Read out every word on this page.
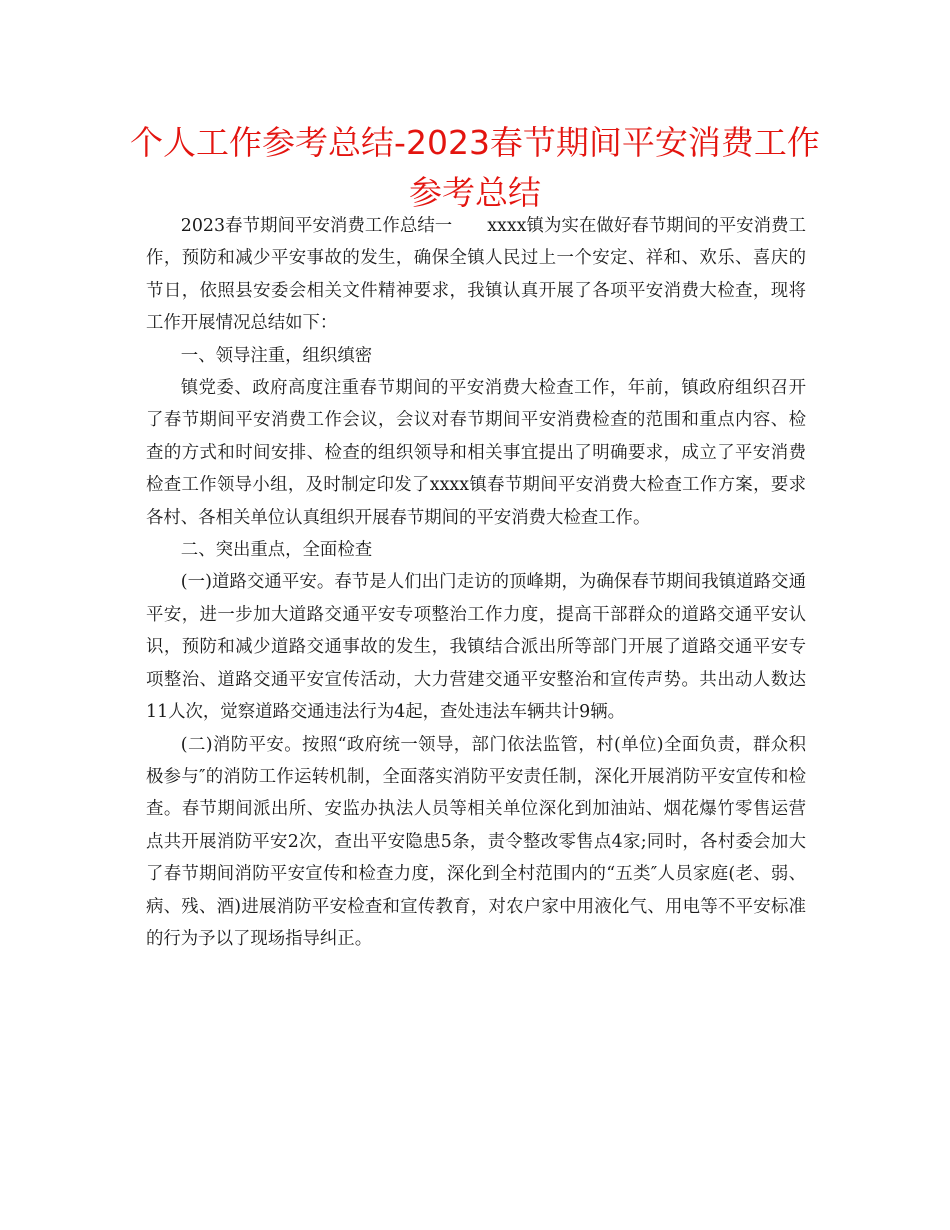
个人工作参考总结-2023春节期间平安消费工作参考总结

2023春节期间平安消费工作总结一　　xxxx镇为实在做好春节期间的平安消费工作，预防和减少平安事故的发生，确保全镇人民过上一个安定、祥和、欢乐、喜庆的节日，依照县安委会相关文件精神要求，我镇认真开展了各项平安消费大检查，现将工作开展情况总结如下：

一、领导注重，组织缜密

镇党委、政府高度注重春节期间的平安消费大检查工作，年前，镇政府组织召开了春节期间平安消费工作会议，会议对春节期间平安消费检查的范围和重点内容、检查的方式和时间安排、检查的组织领导和相关事宜提出了明确要求，成立了平安消费检查工作领导小组，及时制定印发了xxxx镇春节期间平安消费大检查工作方案，要求各村、各相关单位认真组织开展春节期间的平安消费大检查工作。

二、突出重点，全面检查

(一)道路交通平安。春节是人们出门走访的顶峰期，为确保春节期间我镇道路交通平安，进一步加大道路交通平安专项整治工作力度，提高干部群众的道路交通平安认识，预防和减少道路交通事故的发生，我镇结合派出所等部门开展了道路交通平安专项整治、道路交通平安宣传活动，大力营建交通平安整治和宣传声势。共出动人数达11人次，觉察道路交通违法行为4起，查处违法车辆共计9辆。

(二)消防平安。按照“政府统一领导，部门依法监管，村(单位)全面负责，群众积极参与″的消防工作运转机制，全面落实消防平安责任制，深化开展消防平安宣传和检查。春节期间派出所、安监办执法人员等相关单位深化到加油站、烟花爆竹零售运营点共开展消防平安2次，查出平安隐患5条，责令整改零售点4家;同时，各村委会加大了春节期间消防平安宣传和检查力度，深化到全村范围内的“五类″人员家庭(老、弱、病、残、酒)进展消防平安检查和宣传教育，对农户家中用液化气、用电等不平安标准的行为予以了现场指导纠正。
